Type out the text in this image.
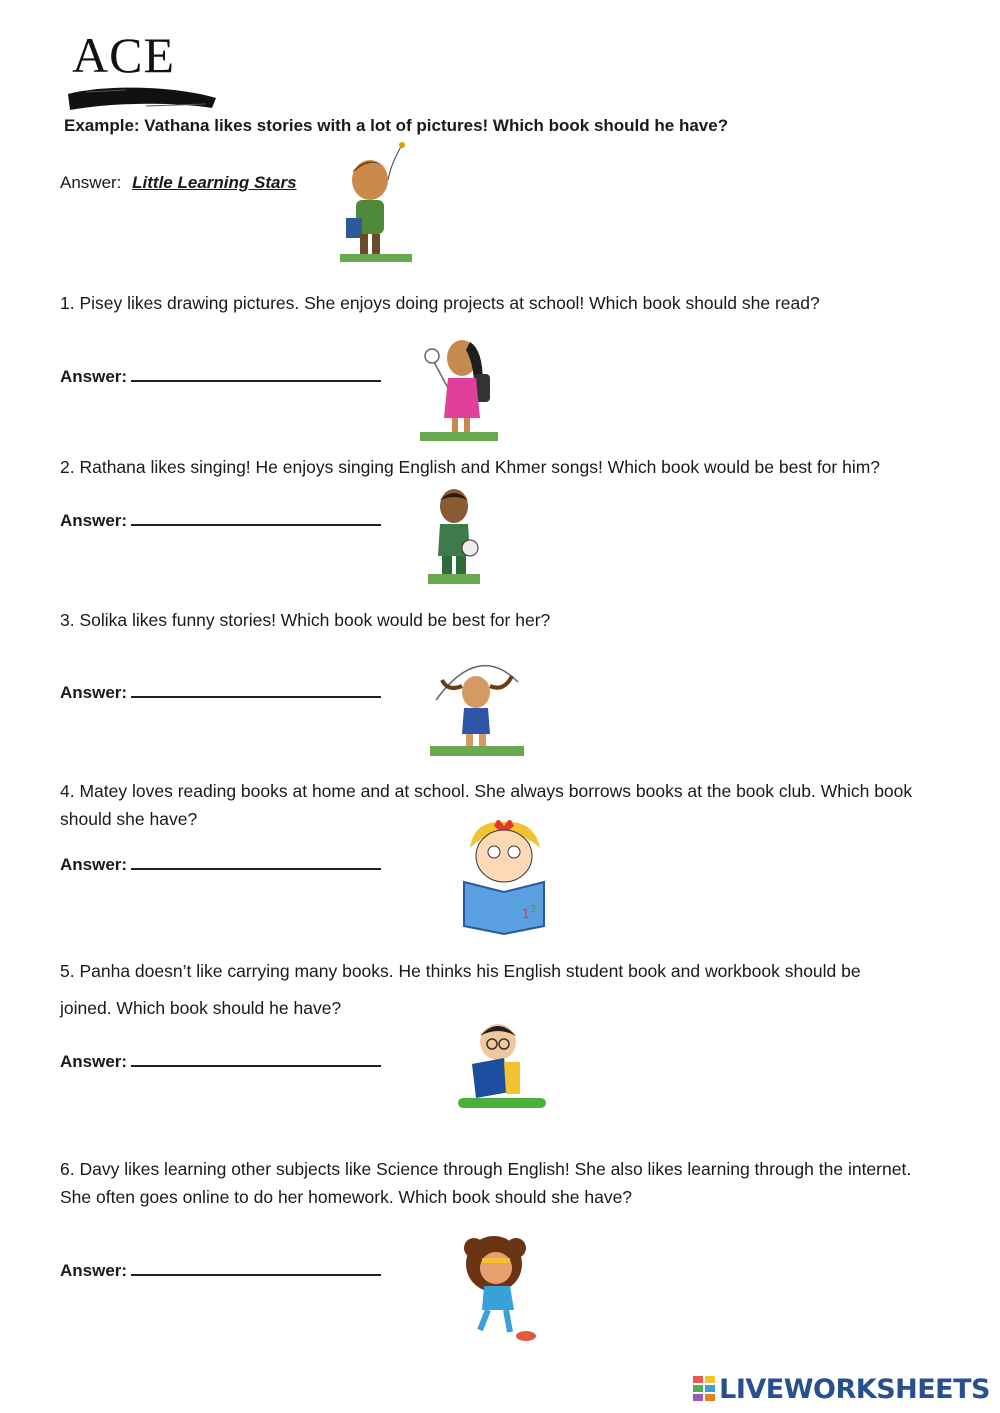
ACE
Example: Vathana likes stories with a lot of pictures! Which book should he have?
Answer: Little Learning Stars
1. Pisey likes drawing pictures. She enjoys doing projects at school! Which book should she read?
Answer:
2. Rathana likes singing! He enjoys singing English and Khmer songs! Which book would be best for him?
Answer:
3. Solika likes funny stories! Which book would be best for her?
Answer:
4. Matey loves reading books at home and at school. She always borrows books at the book club. Which book should she have?
Answer:
1 3
5. Panha doesn’t like carrying many books. He thinks his English student book and workbook should be
joined. Which book should he have?
Answer:
6. Davy likes learning other subjects like Science through English! She also likes learning through the internet. She often goes online to do her homework. Which book should she have?
Answer:
LIVEWORKSHEETS
